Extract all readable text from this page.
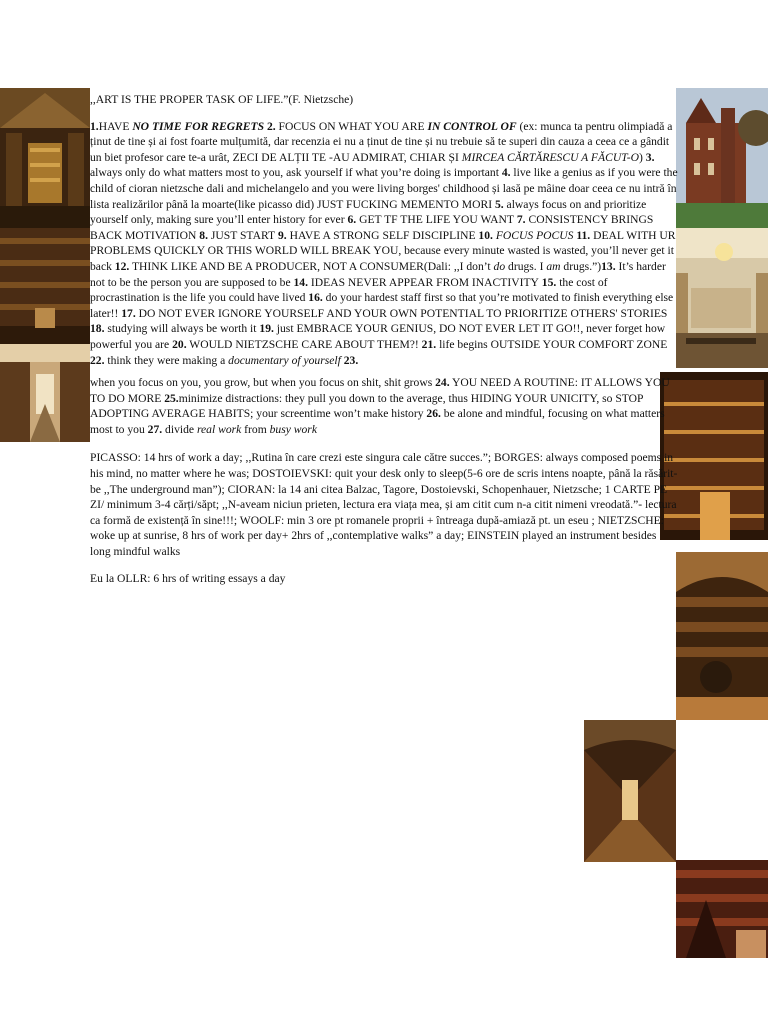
,,ART IS THE PROPER TASK OF LIFE.”(F. Nietzsche)

1.HAVE NO TIME FOR REGRETS 2. FOCUS ON WHAT YOU ARE IN CONTROL OF (ex: munca ta pentru olimpiadă a ținut de tine și ai fost foarte mulțumită, dar recenzia ei nu a ținut de tine și nu trebuie să te superi din cauza a ceea ce a gândit un biet profesor care te-a urât, ZECI DE ALȚII TE -AU ADMIRAT, CHIAR ȘI MIRCEA CĂRTĂRESCU A FĂCUT-O) 3. always only do what matters most to you, ask yourself if what you’re doing is important 4. live like a genius as if you were the child of cioran nietzsche dali and michelangelo and you were living borges' childhood și lasă pe mâine doar ceea ce nu intră în lista realizărilor până la moarte(like picasso did) JUST FUCKING MEMENTO MORI 5. always focus on and prioritize yourself only, making sure you’ll enter history for ever 6. GET TF THE LIFE YOU WANT 7. CONSISTENCY BRINGS BACK MOTIVATION 8. JUST START 9. HAVE A STRONG SELF DISCIPLINE 10. FOCUS POCUS 11. DEAL WITH UR PROBLEMS QUICKLY OR THIS WORLD WILL BREAK YOU, because every minute wasted is wasted, you’ll never get it back 12. THINK LIKE AND BE A PRODUCER, NOT A CONSUMER(Dali: ,,I don’t do drugs. I am drugs.”)13. It’s harder not to be the person you are supposed to be 14. IDEAS NEVER APPEAR FROM INACTIVITY 15. the cost of procrastination is the life you could have lived 16. do your hardest staff first so that you’re motivated to finish everything else later!! 17. DO NOT EVER IGNORE YOURSELF AND YOUR OWN POTENTIAL TO PRIORITIZE OTHERS' STORIES 18. studying will always be worth it 19. just EMBRACE YOUR GENIUS, DO NOT EVER LET IT GO!!, never forget how powerful you are 20. WOULD NIETZSCHE CARE ABOUT THEM?! 21. life begins OUTSIDE YOUR COMFORT ZONE 22. think they were making a documentary of yourself 23.

when you focus on you, you grow, but when you focus on shit, shit grows 24. YOU NEED A ROUTINE: IT ALLOWS YOU TO DO MORE 25.minimize distractions: they pull you down to the average, thus HIDING YOUR UNICITY, so STOP ADOPTING AVERAGE HABITS; your screentime won’t make history 26. be alone and mindful, focusing on what matters most to you 27. divide real work from busy work

PICASSO: 14 hrs of work a day; ,,Rutina în care crezi este singura cale către succes.”; BORGES: always composed poems in his mind, no matter where he was; DOSTOIEVSKI: quit your desk only to sleep(5-6 ore de scris intens noapte, până la răsărit- be ,,The underground man”); CIORAN: la 14 ani citea Balzac, Tagore, Dostoievski, Schopenhauer, Nietzsche; 1 CARTE PE ZI/ minimum 3-4 cărți/săpt; ,,N-aveam niciun prieten, lectura era viața mea, și am citit cum n-a citit nimeni vreodată.”- lectura ca formă de existență în sine!!!; WOOLF: min 3 ore pt romanele proprii + întreaga după-amiază pt. un eseu ; NIETZSCHE: woke up at sunrise, 8 hrs of work per day+ 2hrs of ,,contemplative walks” a day; EINSTEIN played an instrument besides long mindful walks

Eu la OLLR: 6 hrs of writing essays a day
